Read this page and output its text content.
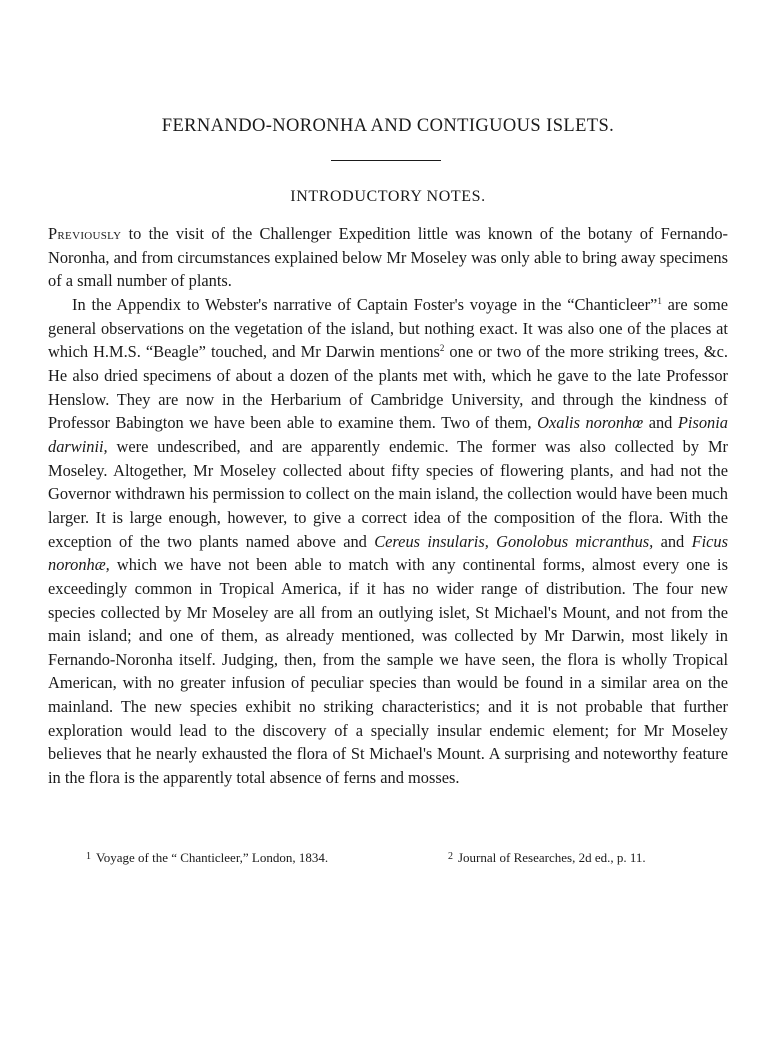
FERNANDO-NORONHA AND CONTIGUOUS ISLETS.
INTRODUCTORY NOTES.

Previously to the visit of the Challenger Expedition little was known of the botany of Fernando-Noronha, and from circumstances explained below Mr Moseley was only able to bring away specimens of a small number of plants.

In the Appendix to Webster's narrative of Captain Foster's voyage in the “Chanticleer”$^1$ are some general observations on the vegetation of the island, but nothing exact. It was also one of the places at which H.M.S. “Beagle” touched, and Mr Darwin mentions$^2$ one or two of the more striking trees, &c. He also dried specimens of about a dozen of the plants met with, which he gave to the late Professor Henslow. They are now in the Herbarium of Cambridge University, and through the kindness of Professor Babington we have been able to examine them. Two of them, Oxalis noronhœ and Pisonia darwinii, were undescribed, and are apparently endemic. The former was also collected by Mr Moseley. Altogether, Mr Moseley collected about fifty species of flowering plants, and had not the Governor withdrawn his permission to collect on the main island, the collection would have been much larger. It is large enough, however, to give a correct idea of the composition of the flora. With the exception of the two plants named above and Cereus insularis, Gonolobus micranthus, and Ficus noronhæ, which we have not been able to match with any continental forms, almost every one is exceedingly common in Tropical America, if it has no wider range of distribution. The four new species collected by Mr Moseley are all from an outlying islet, St Michael's Mount, and not from the main island; and one of them, as already mentioned, was collected by Mr Darwin, most likely in Fernando-Noronha itself. Judging, then, from the sample we have seen, the flora is wholly Tropical American, with no greater infusion of peculiar species than would be found in a similar area on the mainland. The new species exhibit no striking characteristics; and it is not probable that further exploration would lead to the discovery of a specially insular endemic element; for Mr Moseley believes that he nearly exhausted the flora of St Michael's Mount. A surprising and noteworthy feature in the flora is the apparently total absence of ferns and mosses.

$^1$ Voyage of the “ Chanticleer,” London, 1834.	$^2$ Journal of Researches, 2d ed., p. 11.
